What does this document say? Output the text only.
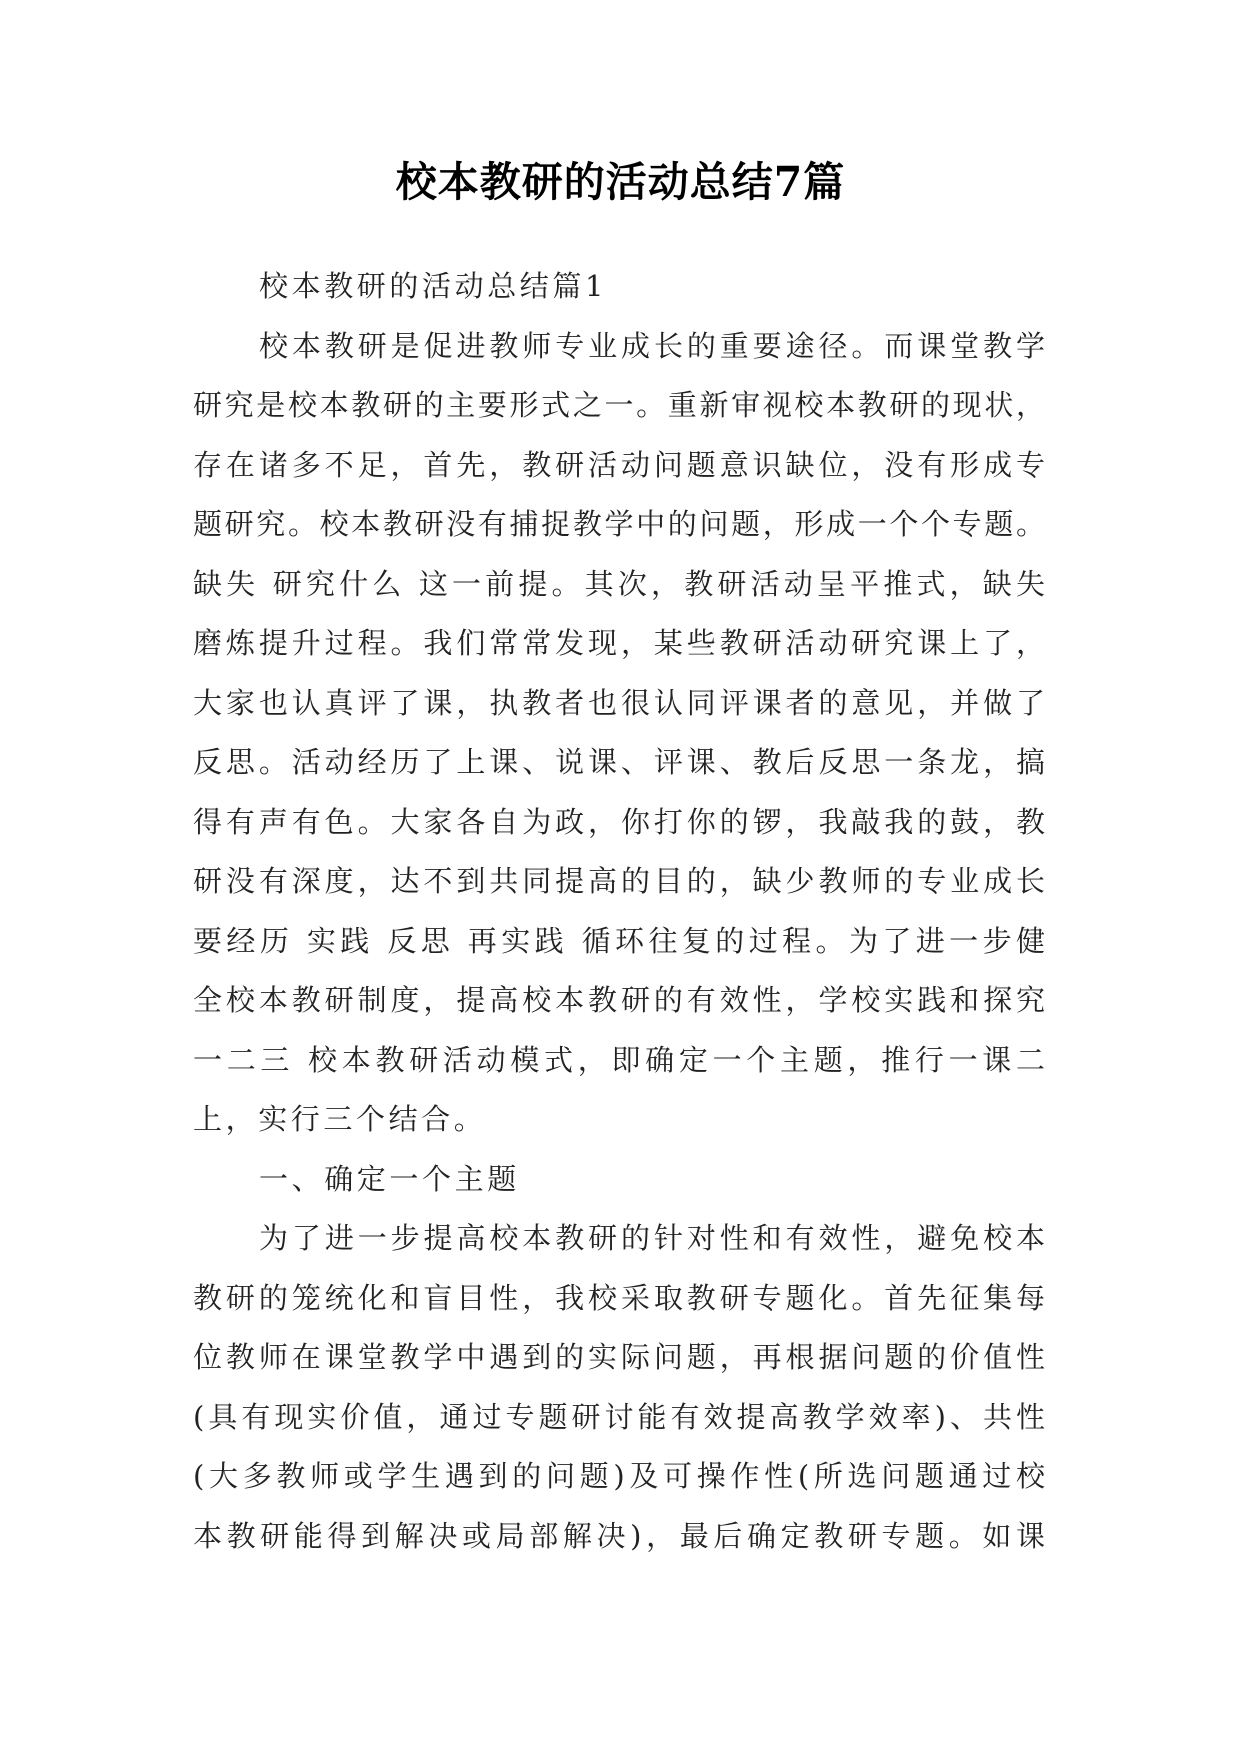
校本教研的活动总结7篇
校本教研的活动总结篇1
校本教研是促进教师专业成长的重要途径。而课堂教学
研究是校本教研的主要形式之一。重新审视校本教研的现状，
存在诸多不足，首先，教研活动问题意识缺位，没有形成专
题研究。校本教研没有捕捉教学中的问题，形成一个个专题。
缺失 研究什么 这一前提。其次，教研活动呈平推式，缺失
磨炼提升过程。我们常常发现，某些教研活动研究课上了，
大家也认真评了课，执教者也很认同评课者的意见，并做了
反思。活动经历了上课、说课、评课、教后反思一条龙，搞
得有声有色。大家各自为政，你打你的锣，我敲我的鼓，教
研没有深度，达不到共同提高的目的，缺少教师的专业成长
要经历 实践 反思 再实践 循环往复的过程。为了进一步健
全校本教研制度，提高校本教研的有效性，学校实践和探究
一二三 校本教研活动模式，即确定一个主题，推行一课二
上，实行三个结合。
一、确定一个主题
为了进一步提高校本教研的针对性和有效性，避免校本
教研的笼统化和盲目性，我校采取教研专题化。首先征集每
位教师在课堂教学中遇到的实际问题，再根据问题的价值性
(具有现实价值，通过专题研讨能有效提高教学效率)、共性
(大多教师或学生遇到的问题)及可操作性(所选问题通过校
本教研能得到解决或局部解决)，最后确定教研专题。如课
